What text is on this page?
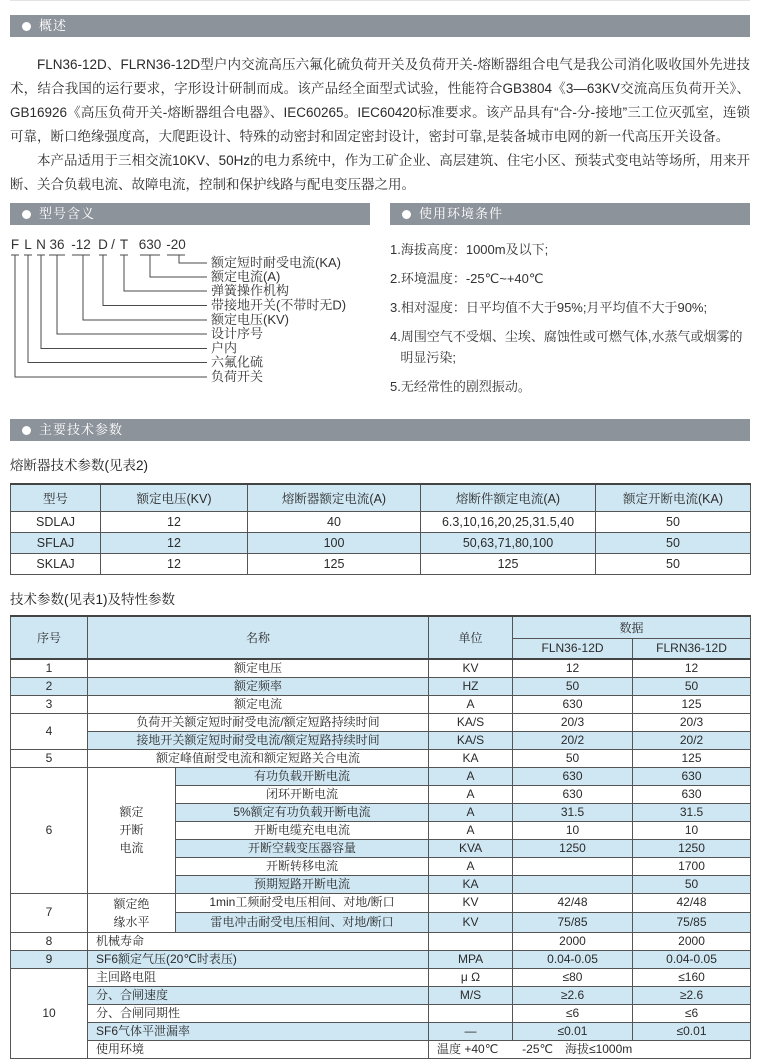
概述

FLN36-12D、FLRN36-12D型户内交流高压六氟化硫负荷开关及负荷开关-熔断器组合电气是我公司消化吸收国外先进技术，结合我国的运行要求，字形设计研制而成。该产品经全面型式试验，性能符合GB3804《3—63KV交流高压负荷开关》、GB16926《高压负荷开关-熔断器组合电器》、IEC60265。IEC60420标准要求。该产品具有“合-分-接地”三工位灭弧室，连锁可靠，断口绝缘强度高，大爬距设计、特殊的动密封和固定密封设计，密封可靠,是装备城市电网的新一代高压开关设备。

本产品适用于三相交流10KV、50Hz的电力系统中，作为工矿企业、高层建筑、住宅小区、预装式变电站等场所，用来开断、关合负载电流、故障电流，控制和保护线路与配电变压器之用。

型号含义
F L N 36 -12 D / T 630 -20
额定短时耐受电流(KA)
额定电流(A)
弹簧操作机构
带接地开关(不带时无D)
额定电压(KV)
设计序号
户内
六氟化硫
负荷开关
使用环境条件
1.海拔高度：1000m及以下;
2.环境温度：-25℃~+40℃
3.相对湿度：日平均值不大于95%;月平均值不大于90%;
4.周围空气不受烟、尘埃、腐蚀性或可燃气体,水蒸气或烟雾的明显污染;
5.无经常性的剧烈振动。
主要技术参数
熔断器技术参数(见表2)
型号	额定电压(KV)	熔断器额定电流(A)	熔断件额定电流(A)	额定开断电流(KA)
SDLAJ	12	40	6.3,10,16,20,25,31.5,40	50
SFLAJ	12	100	50,63,71,80,100	50
SKLAJ	12	125	125	50
技术参数(见表1)及特性参数
序号	名称		单位	数据	
				FLN36-12D	FLRN36-12D
1	额定电压		KV	12	12
2	额定频率		HZ	50	50
3	额定电流		A	630	125
4	负荷开关额定短时耐受电流/额定短路持续时间		KA/S	20/3	20/3
	接地开关额定短时耐受电流/额定短路持续时间		KA/S	20/2	20/2
5	额定峰值耐受电流和额定短路关合电流		KA	50	125
6	额定
开断
电流	有功负载开断电流	A	630	630
		闭环开断电流	A	630	630
		5%额定有功负载开断电流	A	31.5	31.5
		开断电缆充电电流	A	10	10
		开断空载变压器容量	KVA	1250	1250
		开断转移电流	A		1700
		预期短路开断电流	KA		50
7	额定绝
缘水平	1min工频耐受电压相间、对地/断口	KV	42/48	42/48
		雷电冲击耐受电压相间、对地/断口	KV	75/85	75/85
8	机械寿命			2000	2000
9	SF6额定气压(20℃时表压)		MPA	0.04-0.05	0.04-0.05
10	主回路电阻		μ Ω	≤80	≤160
	分、合闸速度		M/S	≥2.6	≥2.6
	分、合闸同期性			≤6	≤6
	SF6气体平泄漏率		—	≤0.01	≤0.01
	使用环境		温度 +40℃　　-25℃　海拔≤1000m		
